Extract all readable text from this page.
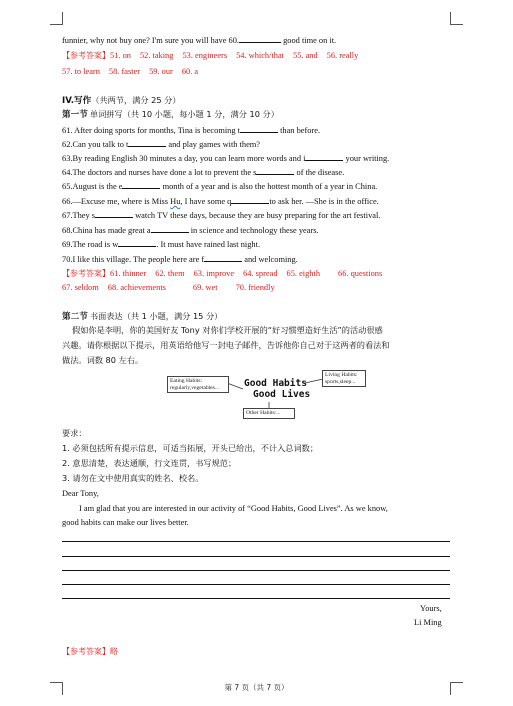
funnier, why not buy one? I'm sure you will have 60.	good time on it.
【参考答案】51. on 52. taking 53. engineers 54. which/that 55. and 56. really
57. to learn 58. faster 59. our 60. a
IV.写作（共两节，满分 25 分）
第一节 单词拼写（共 10 小题，每小题 1 分，满分 10 分）
61. After doing sports for months, Tina is becoming t	than before.
62.Can you talk to t	and play games with them?
63.By reading English 30 minutes a day, you can learn more words and i	your writing.
64.The doctors and nurses have done a lot to prevent the s	of the disease.
65.August is the e	month of a year and is also the hottest month of a year in China.
66.—Excuse me, where is Miss Hu, I have some q	to ask her. —She is in the office.
67.They s	watch TV these days, because they are busy preparing for the art festival.
68.China has made great a	in science and technology these years.
69.The road is w	. It must have rained last night.
70.I like this village. The people here are f	and welcoming.
【参考答案】61. thinner 62. them 63. improve 64. spread 65. eighth 66. questions
67. seldom 68. achievements	69. wet 70. friendly
第二节 书面表达（共 1 小题，满分 15 分）
假如你是李明，你的美国好友 Tony 对你们学校开展的“好习惯塑造好生活”的活动很感
兴趣。请你根据以下提示，用英语给他写一封电子邮件，告诉他你自己对于这两者的看法和
做法。词数 80 左右。
Eating Habits:
regularly,vegetables...	Good Habits
Good Lives
Living Habits:
sports,sleep...
Other Habits:...
要求：
1. 必须包括所有提示信息，可适当拓展，开头已给出，不计入总词数；
2. 意思清楚，表达通顺，行文连贯，书写规范；
3. 请勿在文中使用真实的姓名、校名。
Dear Tony,
I am glad that you are interested in our activity of “Good Habits, Good Lives”. As we know,
good habits can make our lives better.
Yours,
Li Ming
【参考答案】略
第 7 页（共 7 页）
